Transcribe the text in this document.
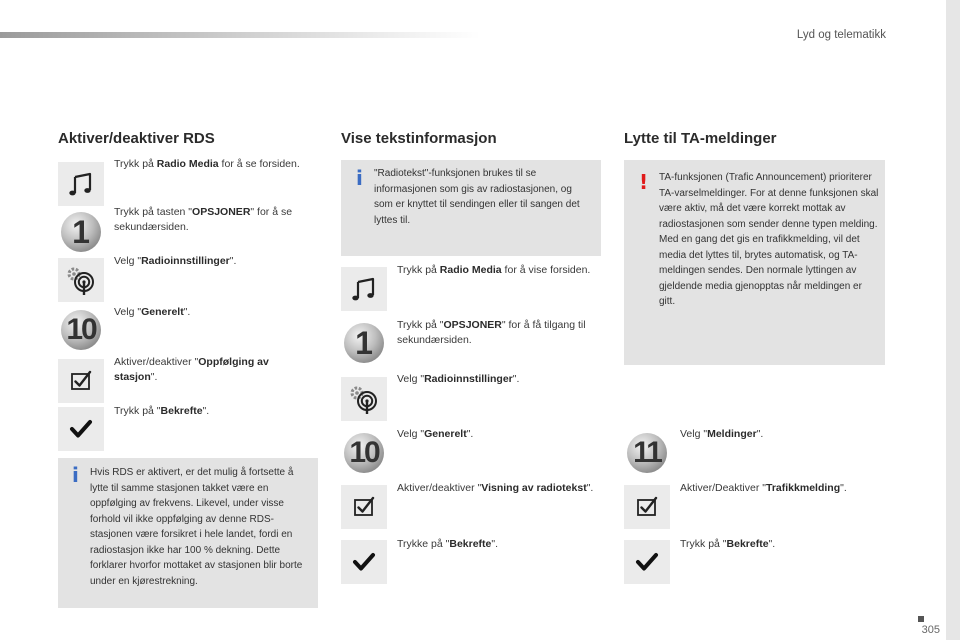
Lyd og telematikk
Aktiver/deaktiver RDS
Trykk på Radio Media for å se forsiden.
1
Trykk på tasten "OPSJONER" for å se sekundærsiden.
Velg "Radioinnstillinger".
10
Velg "Generelt".
Aktiver/deaktiver "Oppfølging av stasjon".
Trykk på "Bekrefte".
i Hvis RDS er aktivert, er det mulig å fortsette å lytte til samme stasjonen takket være en oppfølging av frekvens. Likevel, under visse forhold vil ikke oppfølging av denne RDS-stasjonen være forsikret i hele landet, fordi en radiostasjon ikke har 100 % dekning. Dette forklarer hvorfor mottaket av stasjonen blir borte under en kjørestrekning.
Vise tekstinformasjon
i "Radiotekst"-funksjonen brukes til se informasjonen som gis av radiostasjonen, og som er knyttet til sendingen eller til sangen det lyttes til.
Trykk på Radio Media for å vise forsiden.
1	Trykk på "OPSJONER" for å få tilgang til sekundærsiden.
Velg "Radioinnstillinger".
10
Velg "Generelt".
Aktiver/deaktiver "Visning av radiotekst".
Trykke på "Bekrefte".
Lytte til TA-meldinger
! TA-funksjonen (Trafic Announcement) prioriterer TA-varselmeldinger. For at denne funksjonen skal være aktiv, må det være korrekt mottak av radiostasjonen som sender denne typen melding. Med en gang det gis en trafikkmelding, vil det media det lyttes til, brytes automatisk, og TA-meldingen sendes. Den normale lyttingen av gjeldende media gjenopptas når meldingen er gitt.
11
Velg "Meldinger".
Aktiver/Deaktiver "Trafikkmelding".
Trykk på "Bekrefte".
305
